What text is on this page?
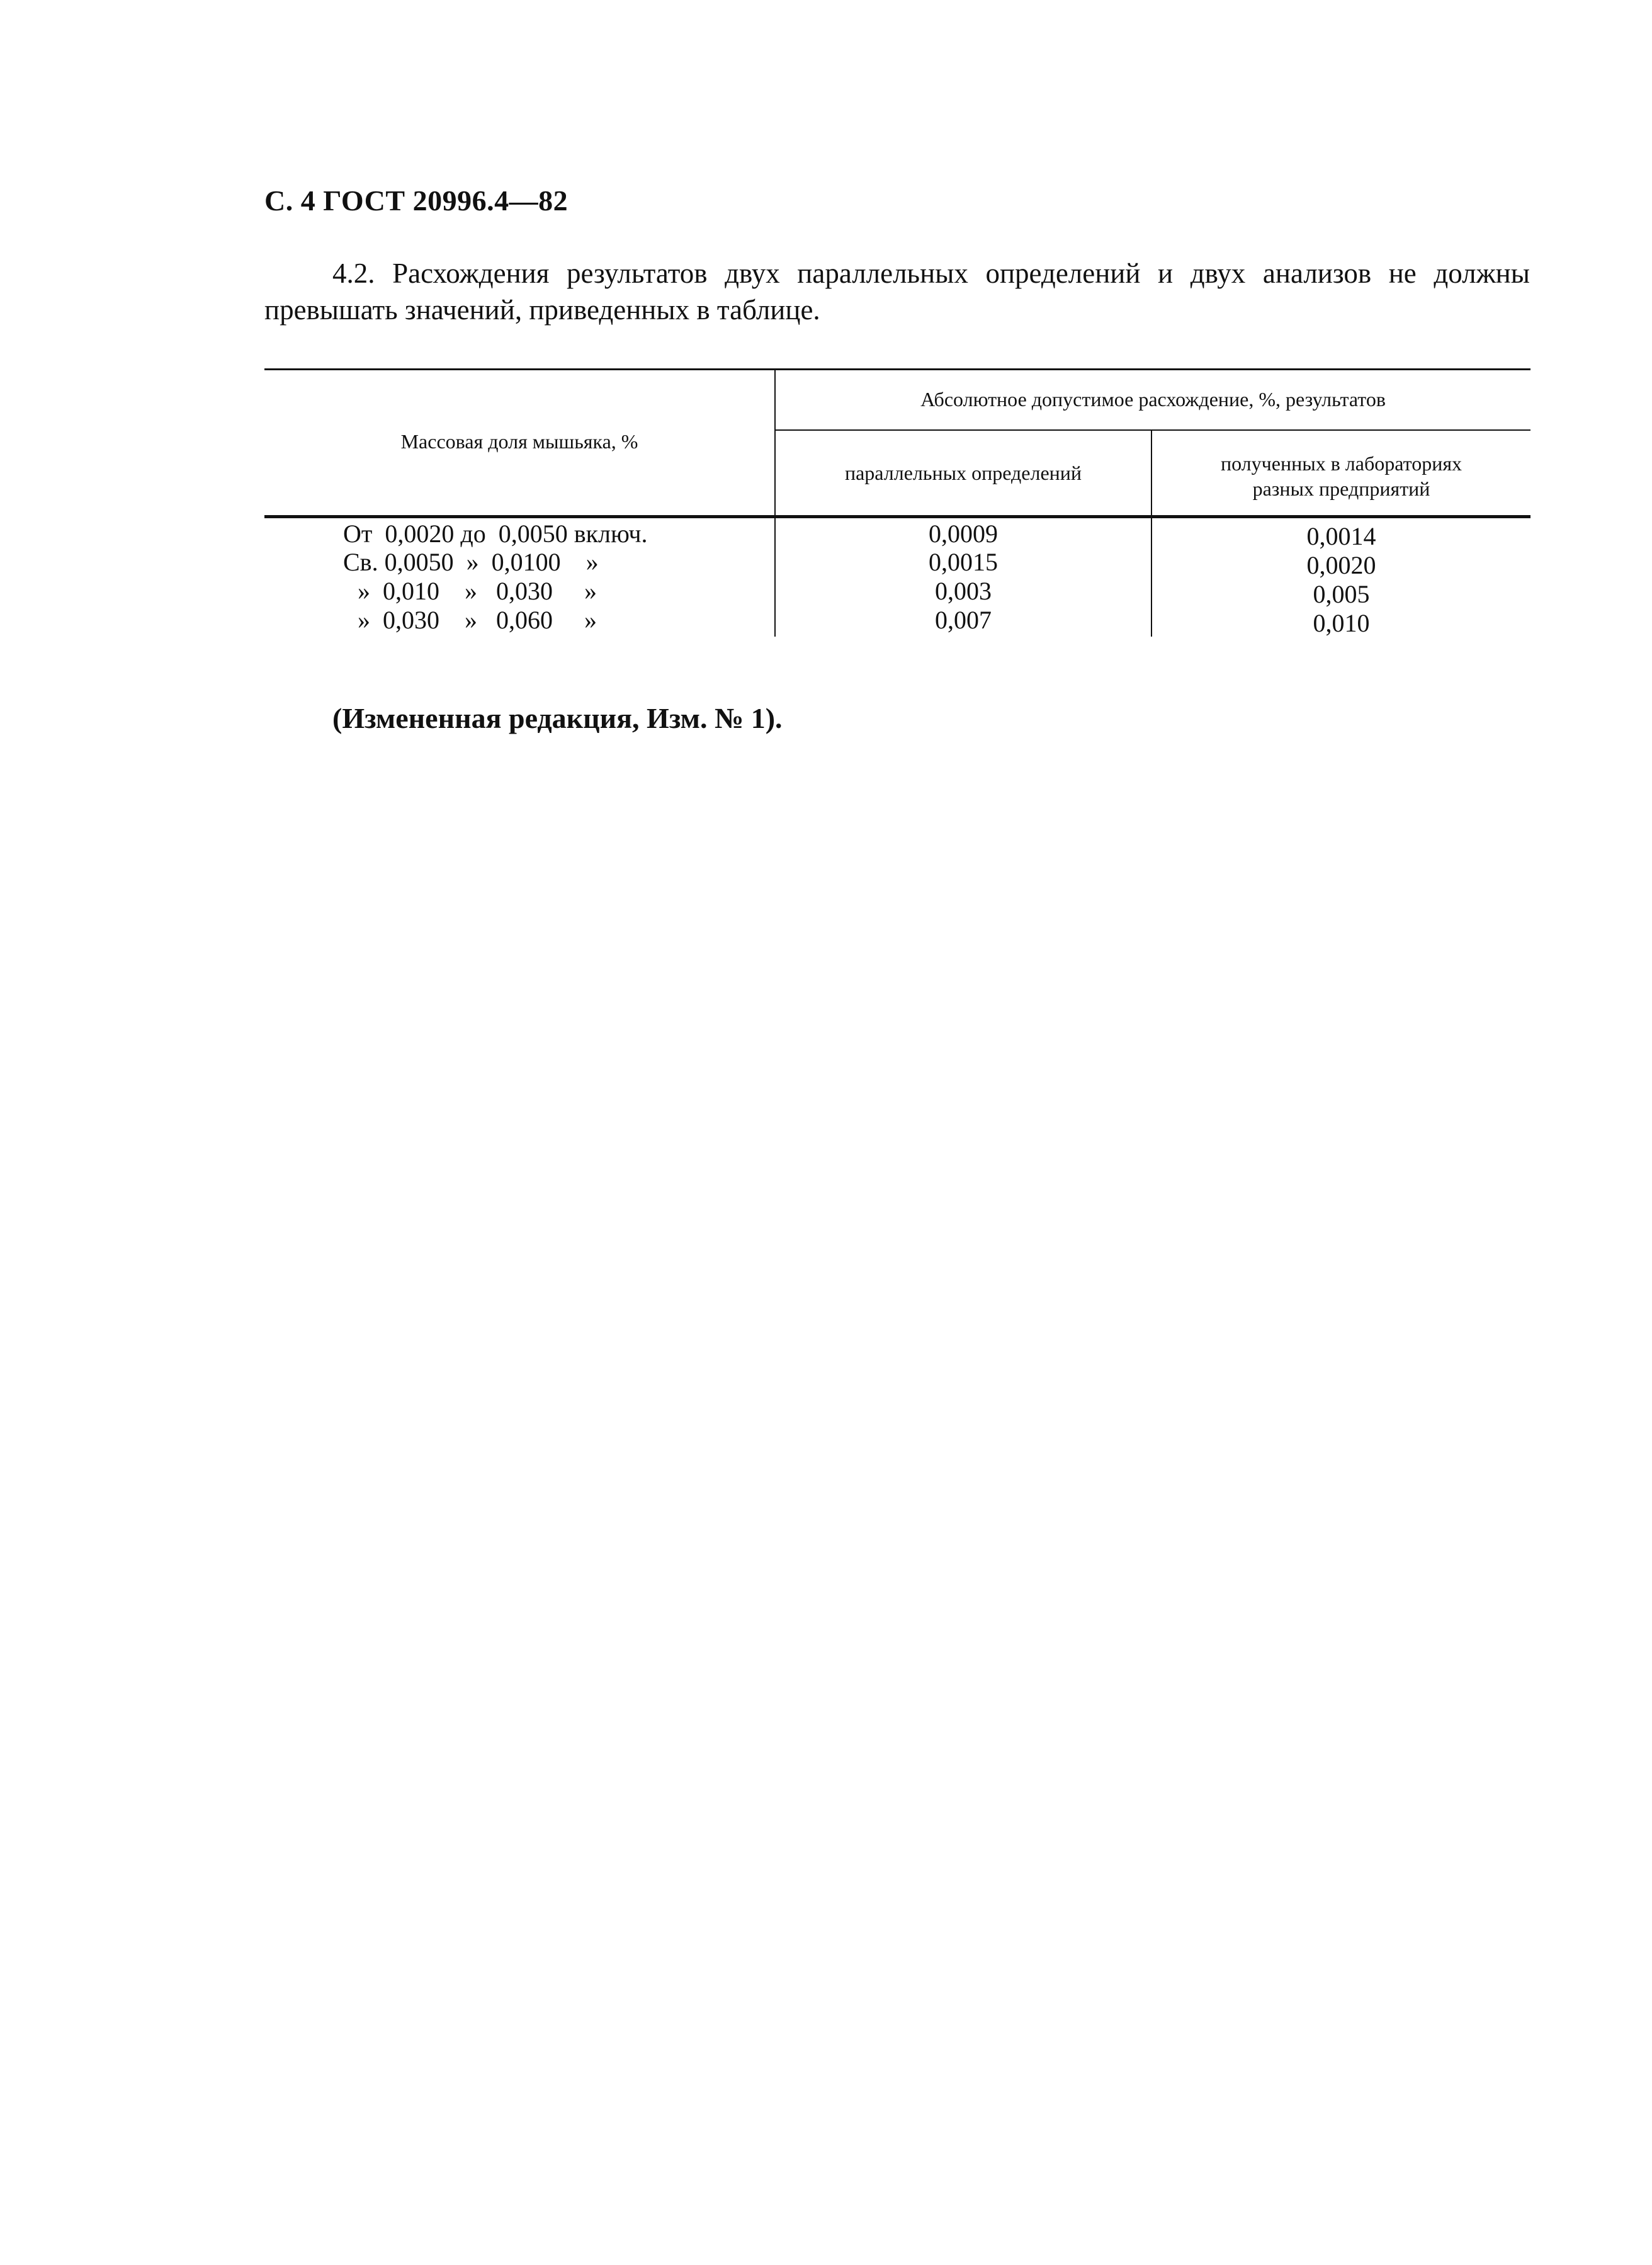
С. 4 ГОСТ 20996.4—82
4.2. Расхождения результатов двух параллельных определений и двух анализов не должны превышать значений, приведенных в таблице.
Массовая доля мышьяка, %
Абсолютное допустимое расхождение, %, результатов
параллельных определений	полученных в лабораториях
разных предприятий
От  0,0020 до  0,0050 включ.	0,0009	0,0014
Св. 0,0050  »  0,0100    »	0,0015	0,0020
»  0,010    »   0,030     »	0,003	0,005
»  0,030    »   0,060     »	0,007	0,010
(Измененная редакция, Изм. № 1).
